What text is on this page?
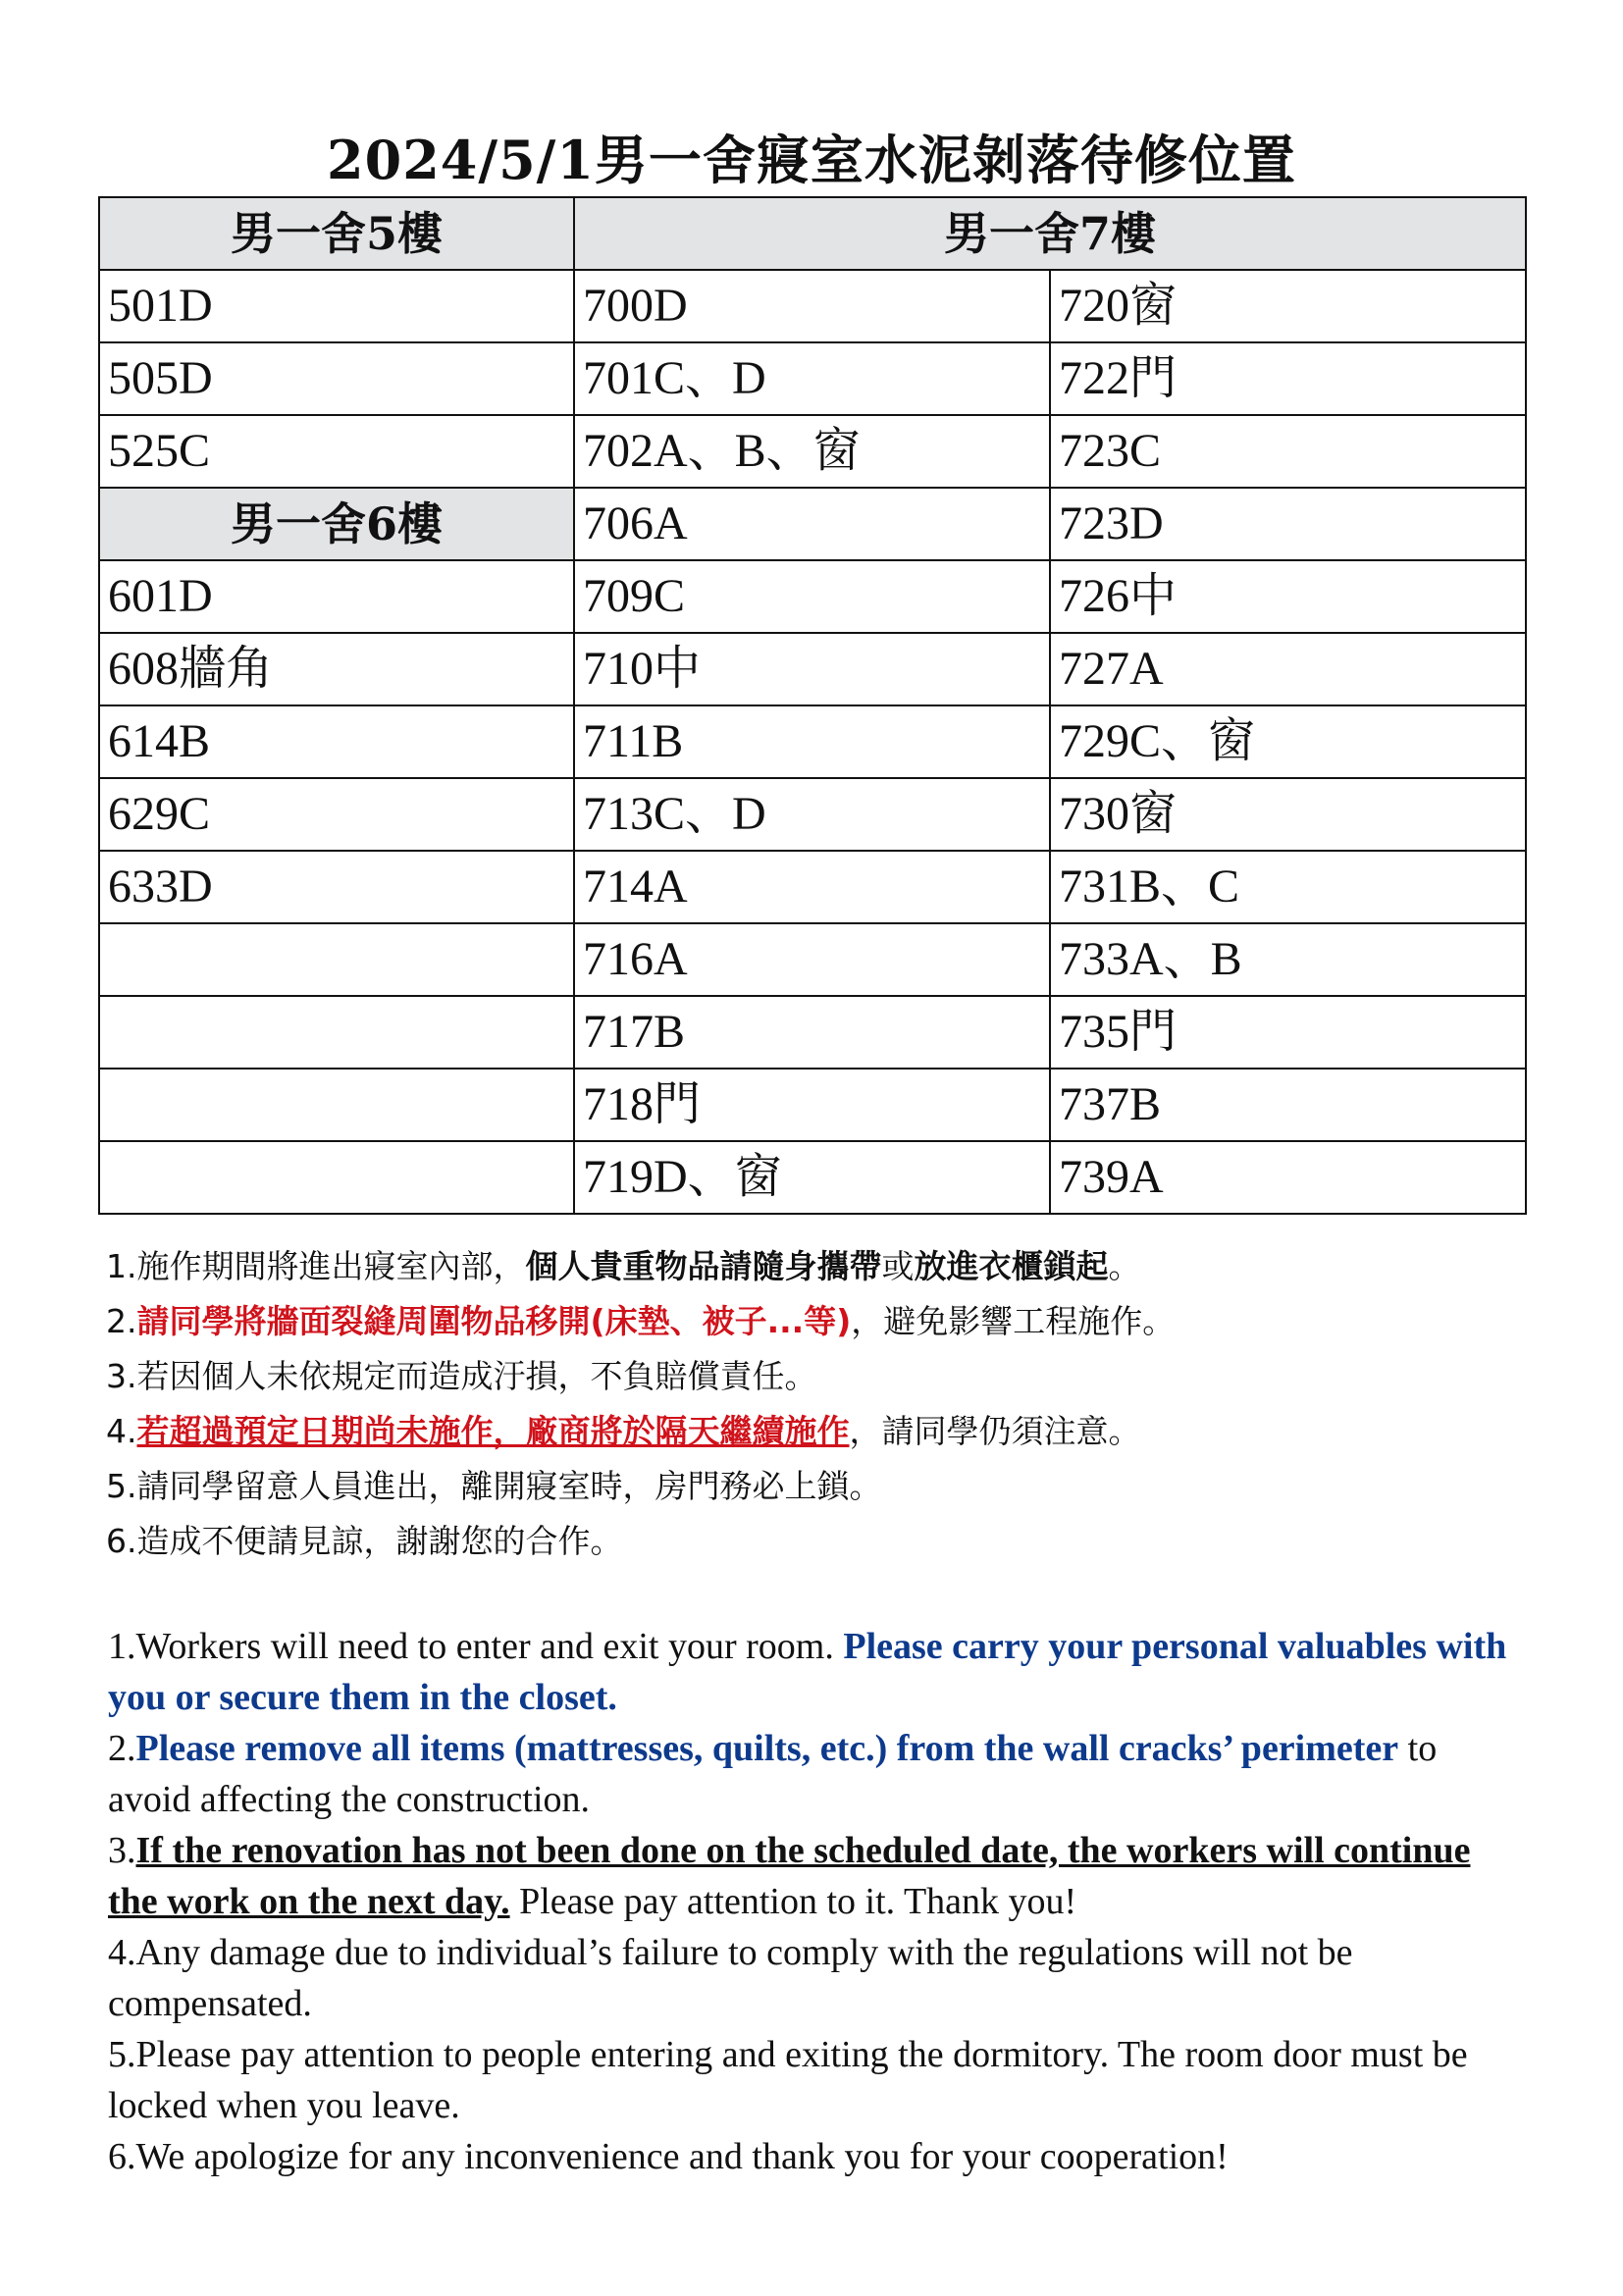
2024/5/1男一舍寢室水泥剝落待修位置
男一舍5樓	男一舍7樓	
501D	700D	720窗
505D	701C、D	722門
525C	702A、B、窗	723C
男一舍6樓	706A	723D
601D	709C	726中
608牆角	710中	727A
614B	711B	729C、窗
629C	713C、D	730窗
633D	714A	731B、C
	716A	733A、B
	717B	735門
	718門	737B
	719D、窗	739A

1.施作期間將進出寢室內部，個人貴重物品請隨身攜帶或放進衣櫃鎖起。

2.請同學將牆面裂縫周圍物品移開(床墊、被子...等)，避免影響工程施作。

3.若因個人未依規定而造成汙損，不負賠償責任。

4.若超過預定日期尚未施作，廠商將於隔天繼續施作，請同學仍須注意。

5.請同學留意人員進出，離開寢室時，房門務必上鎖。

6.造成不便請見諒，謝謝您的合作。

1.Workers will need to enter and exit your room. Please carry your personal valuables with you or secure them in the closet.

2.Please remove all items (mattresses, quilts, etc.) from the wall cracks’ perimeter to avoid affecting the construction.

3.If the renovation has not been done on the scheduled date, the workers will continue the work on the next day. Please pay attention to it. Thank you!

4.Any damage due to individual’s failure to comply with the regulations will not be compensated.

5.Please pay attention to people entering and exiting the dormitory. The room door must be locked when you leave.

6.We apologize for any inconvenience and thank you for your cooperation!
